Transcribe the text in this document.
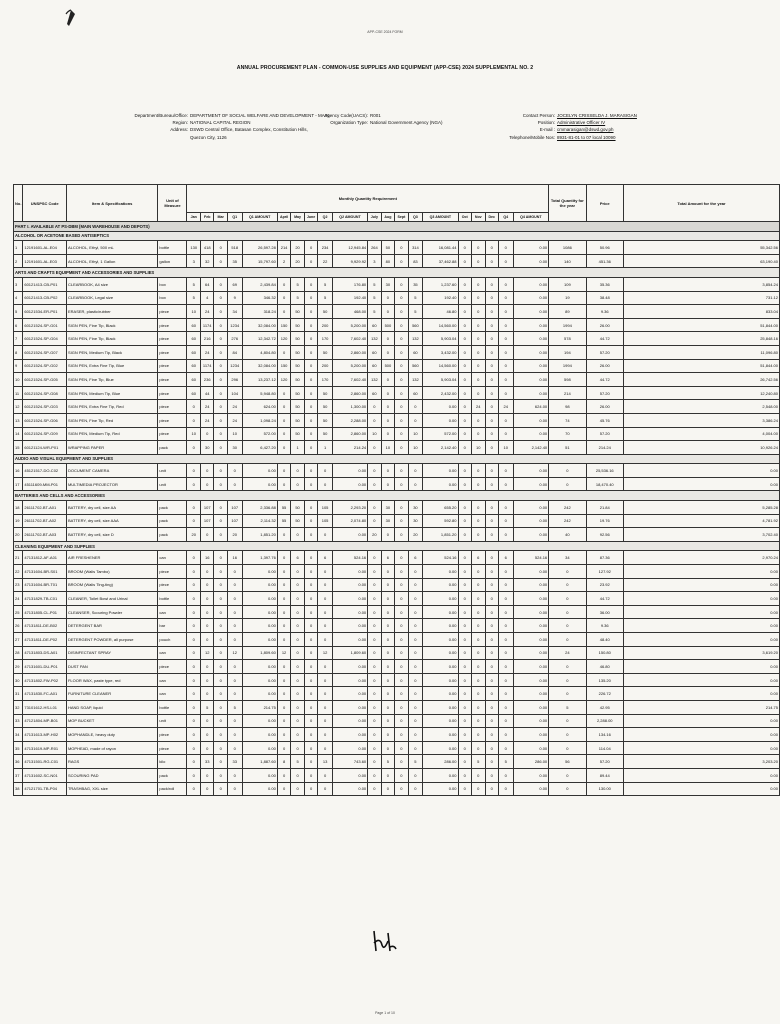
APP-CSE 2024 FORM
ANNUAL PROCUREMENT PLAN - COMMON-USE SUPPLIES AND EQUIPMENT (APP-CSE) 2024 SUPPLEMENTAL NO. 2
Department/Bureau/Office: DEPARTMENT OF SOCIAL WELFARE AND DEVELOPMENT - MAIN
Region: NATIONAL CAPITAL REGION
Address: DSWD Central Office, Batasan Complex, Constitution Hills,
Quezon City, 1126
Agency Code(UACS): R001
Organization Type: National Government Agency (NGA)
Contact Person: JOCELYN CRISSELDA J. MARASIGAN
Position: Administrative Officer IV
E-mail : cmmarasigan@dswd.gov.ph
Telephone/Mobile Nos: 8931-81-01 to 07 local 10090
No.	UNSPSC Code	Item & Specifications	Unit of Measure	Monthly Quantity Requirement																				Total Quantity for the year	Price	Total Amount for the year
				Jan	Feb	Mar	Q1	Q1 AMOUNT	April	May	June	Q2	Q2 AMOUNT	July	Aug	Sept	Q3	Q3 AMOUNT	Oct	Nov	Dec	Q4	Q4 AMOUNT			
PART I. AVAILABLE AT PS-DBM (MAIN WAREHOUSE AND DEPOTS)																										
ALCOHOL OR ACETONE BASED ANTISEPTICS																										
1	12191601-AL-E04	ALCOHOL, Ethyl, 500 mL	bottle	130	418	0	518	26,597.28	214	20	0	234	12,945.84	264	50	0	314	16,081.44	0	0	0	0	0.00	1086	50.96	55,342.56
2	12191601-AL-E03	ALCOHOL, Ethyl, 1 Gallon	gallon	3	32	0	35	15,797.60	2	20	0	22	9,929.92	3	80	0	83	37,462.88	0	0	0	0	0.00	140	451.36	63,190.40
ARTS AND CRAFTS EQUIPMENT AND ACCESSORIES AND SUPPLIES																										
3	60121413-CB-P01	CLEARBOOK, A4 size	box	5	64	0	69	2,439.84	0	5	0	5	176.80	5	30	0	35	1,237.60	0	0	0	0	0.00	109	35.36	3,854.24
4	60121413-CB-P02	CLEARBOOK, Legal size	box	5	4	0	9	346.32	0	5	0	5	192.40	5	0	0	5	192.40	0	0	0	0	0.00	19	38.48	731.12
5	60121534-ER-P01	ERASER, plastic/rubber	piece	10	24	0	34	318.24	0	50	0	50	468.00	5	0	0	5	46.80	0	0	0	0	0.00	89	9.36	833.04
6	60121524-SP-G01	SIGN PEN, Fine Tip, Black	piece	60	1174	0	1234	32,084.00	150	50	0	200	5,200.00	60	500	0	560	14,560.00	0	0	0	0	0.00	1994	26.00	51,844.00
7	60121524-SP-G04	SIGN PEN, Fine Tip, Black	piece	60	216	0	276	12,342.72	120	50	0	170	7,602.40	132	0	0	132	5,903.04	0	0	0	0	0.00	578	44.72	25,848.16
8	60121524-SP-G07	SIGN PEN, Medium Tip, Black	piece	60	24	0	84	4,804.80	0	50	0	50	2,860.00	60	0	0	60	3,432.00	0	0	0	0	0.00	194	57.20	11,096.80
9	60121524-SP-G02	SIGN PEN, Extra Fine Tip, Blue	piece	60	1174	0	1234	32,084.00	150	50	0	200	5,200.00	60	500	0	560	14,560.00	0	0	0	0	0.00	1994	26.00	51,844.00
10	60121524-SP-G05	SIGN PEN, Fine Tip, Blue	piece	60	236	0	296	13,237.12	120	50	0	170	7,602.40	132	0	0	132	5,903.04	0	0	0	0	0.00	598	44.72	26,742.56
11	60121524-SP-G08	SIGN PEN, Medium Tip, Blue	piece	60	44	0	104	5,948.80	0	50	0	50	2,860.00	60	0	0	60	2,432.00	0	0	0	0	0.00	214	57.20	12,240.80
12	60121524-SP-G03	SIGN PEN, Extra Fine Tip, Red	piece	0	24	0	24	624.00	0	50	0	50	1,300.00	0	0	0	0	0.00	0	24	0	24	624.00	98	26.00	2,548.00
13	60121524-SP-G06	SIGN PEN, Fine Tip, Red	piece	0	24	0	24	1,098.24	0	50	0	50	2,288.00	0	0	0	0	0.00	0	0	0	0	0.00	74	45.76	3,386.24
14	60121524-SP-G09	SIGN PEN, Medium Tip, Red	piece	10	0	0	10	572.00	0	50	0	50	2,860.00	10	0	0	10	572.00	0	0	0	0	0.00	70	57.20	4,004.00
15	60121124-WR-P01	WRAPPING PAPER	pack	0	30	0	30	6,427.20	0	1	0	1	214.24	0	10	0	10	2,142.40	0	10	0	10	2,142.40	51	214.24	10,926.24
AUDIO AND VISUAL EQUIPMENT AND SUPPLIES																										
16	45121517-DO-C02	DOCUMENT CAMERA	unit	0	0	0	0	0.00	0	0	0	0	0.00	0	0	0	0	0.00	0	0	0	0	0.00	0	25,536.16	0.00
17	45111609-MM-P01	MULTIMEDIA PROJECTOR	unit	0	0	0	0	0.00	0	0	0	0	0.00	0	0	0	0	0.00	0	0	0	0	0.00	0	18,470.40	0.00
BATTERIES AND CELLS AND ACCESSORIES																										
18	26111702-BT-A01	BATTERY, dry cell, size AA	pack	0	107	0	107	2,336.88	55	50	0	105	2,293.20	0	30	0	30	655.20	0	0	0	0	0.00	242	21.84	5,285.28
19	26111702-BT-A02	BATTERY, dry cell, size AAA	pack	0	107	0	107	2,114.32	55	50	0	105	2,074.80	0	30	0	30	592.80	0	0	0	0	0.00	242	19.76	4,781.92
20	26111702-BT-A03	BATTERY, dry cell, size D	pack	20	0	0	20	1,851.20	0	0	0	0	0.00	20	0	0	20	1,851.20	0	0	0	0	0.00	40	92.56	3,702.40
CLEANING EQUIPMENT AND SUPPLIES																										
21	47131812-AF-A01	AIR FRESHENER	can	0	16	0	16	1,397.76	0	6	0	6	524.16	0	6	0	6	524.16	0	6	0	6	524.16	34	87.36	2,970.24
22	47131604-BR-S01	BROOM (Walis Tambo)	piece	0	0	0	0	0.00	0	0	0	0	0.00	0	0	0	0	0.00	0	0	0	0	0.00	0	127.92	0.00
23	47131604-BR-T01	BROOM (Walis Ting-ting)	piece	0	0	0	0	0.00	0	0	0	0	0.00	0	0	0	0	0.00	0	0	0	0	0.00	0	23.92	0.00
24	47131829-TB-C01	CLEANER, Toilet Bowl and Urinal	bottle	0	0	0	0	0.00	0	0	0	0	0.00	0	0	0	0	0.00	0	0	0	0	0.00	0	44.72	0.00
25	47131805-CL-P01	CLEANSER, Scouring Powder	can	0	0	0	0	0.00	0	0	0	0	0.00	0	0	0	0	0.00	0	0	0	0	0.00	0	36.00	0.00
26	47131811-DE-B02	DETERGENT BAR	bar	0	0	0	0	0.00	0	0	0	0	0.00	0	0	0	0	0.00	0	0	0	0	0.00	0	9.36	0.00
27	47131811-DE-P02	DETERGENT POWDER, all purpose	pouch	0	0	0	0	0.00	0	0	0	0	0.00	0	0	0	0	0.00	0	0	0	0	0.00	0	48.40	0.00
28	47131803-DS-A01	DISINFECTANT SPRAY	can	0	12	0	12	1,809.60	12	0	0	12	1,809.60	0	0	0	0	0.00	0	0	0	0	0.00	24	150.80	3,619.20
29	47131601-DU-P01	DUST PAN	piece	0	0	0	0	0.00	0	0	0	0	0.00	0	0	0	0	0.00	0	0	0	0	0.00	0	46.80	0.00
30	47131802-FW-P02	FLOOR WAX, paste type, red	can	0	0	0	0	0.00	0	0	0	0	0.00	0	0	0	0	0.00	0	0	0	0	0.00	0	135.20	0.00
31	47131830-FC-A01	FURNITURE CLEANER	can	0	0	0	0	0.00	0	0	0	0	0.00	0	0	0	0	0.00	0	0	0	0	0.00	0	226.72	0.00
32	73101612-HS-L01	HAND SOAP, liquid	bottle	0	5	0	5	214.75	0	0	0	0	0.00	0	0	0	0	0.00	0	0	0	0	0.00	5	42.95	214.75
33	47121804-MP-B01	MOP BUCKET	unit	0	0	0	0	0.00	0	0	0	0	0.00	0	0	0	0	0.00	0	0	0	0	0.00	0	2,288.00	0.00
34	47131613-MP-H02	MOPHANDLE, heavy duty	piece	0	0	0	0	0.00	0	0	0	0	0.00	0	0	0	0	0.00	0	0	0	0	0.00	0	134.16	0.00
35	47131619-MP-R01	MOPHEAD, made of rayon	piece	0	0	0	0	0.00	0	0	0	0	0.00	0	0	0	0	0.00	0	0	0	0	0.00	0	114.04	0.00
36	47131501-RG-C01	RAGS	kilo	0	33	0	33	1,887.60	8	5	0	13	743.60	0	5	0	5	286.00	0	5	0	5	286.00	56	57.20	3,203.20
37	47131602-SC-N01	SCOURING PAD	pack	0	0	0	0	0.00	0	0	0	0	0.00	0	0	0	0	0.00	0	0	0	0	0.00	0	89.44	0.00
38	47121701-TB-P04	TRASHBAG, XXL size	pack/roll	0	0	0	0	0.00	0	0	0	0	0.00	0	0	0	0	0.00	0	0	0	0	0.00	0	130.00	0.00
Page 1 of 10
